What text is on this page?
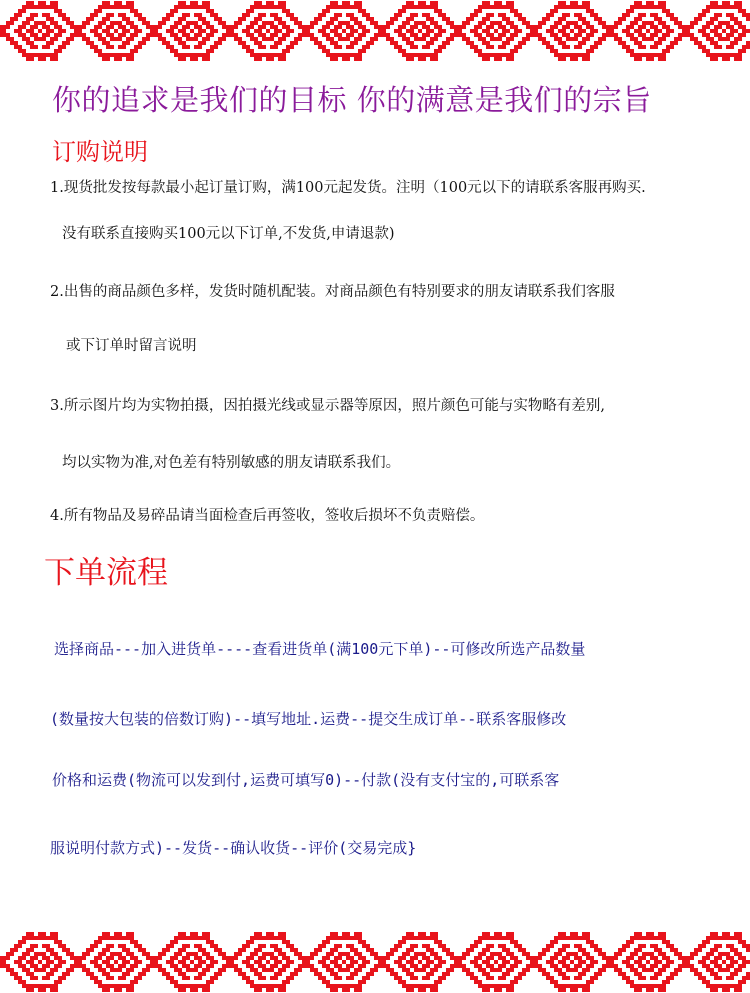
你的追求是我们的目标 你的满意是我们的宗旨
订购说明
1.现货批发按每款最小起订量订购，满100元起发货。注明（100元以下的请联系客服再购买.
没有联系直接购买100元以下订单,不发货,申请退款)
2.出售的商品颜色多样，发货时随机配装。对商品颜色有特别要求的朋友请联系我们客服
或下订单时留言说明
3.所示图片均为实物拍摄，因拍摄光线或显示器等原因，照片颜色可能与实物略有差别,
均以实物为准,对色差有特别敏感的朋友请联系我们。
4.所有物品及易碎品请当面检查后再签收，签收后损坏不负责赔偿。
下单流程
选择商品---加入进货单----查看进货单(满100元下单)--可修改所选产品数量
(数量按大包装的倍数订购)--填写地址.运费--提交生成订单--联系客服修改
价格和运费(物流可以发到付,运费可填写0)--付款(没有支付宝的,可联系客
服说明付款方式)--发货--确认收货--评价(交易完成}
